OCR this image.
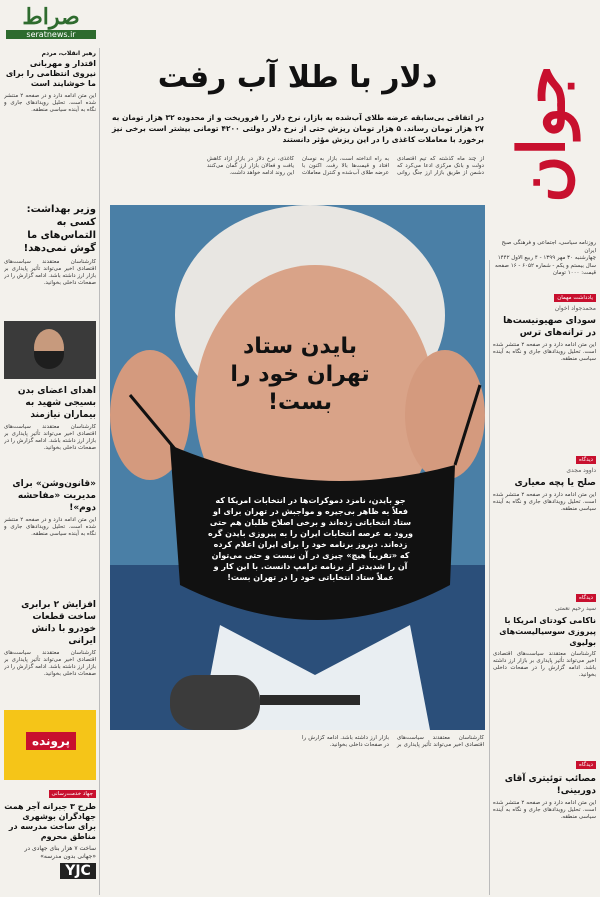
صراط
seratnews.ir
جوان
روزنامه سیاسی، اجتماعی و فرهنگی صبح ایران
چهارشنبه ۳۰ مهر ۱۳۹۹ - ۴ ربیع الاول ۱۴۴۲
سال بیستم و یکم - شماره ۶۰۵۲ - ۱۶ صفحه
قیمت: ۱۰۰۰ تومان
دلار با طلا آب رفت
در اتفاقی بی‌سابقه عرضه طلای آب‌شده به بازار، نرخ دلار را فروریخت و از محدوده ۳۲ هزار تومان به ۲۷ هزار تومان رساند. ۵ هزار تومان ریزش حتی از نرخ دلار دولتی ۴۲۰۰ تومانی بیشتر است برخی نیز برخورد با معاملات کاغذی را در این ریزش مؤثر دانستند
از چند ماه گذشته که تیم اقتصادی دولت و بانک مرکزی ادعا می‌کرد که دشمن از طریق بازار ارز جنگ روانی به راه انداخته است، بازار به نوسان افتاد و قیمت‌ها بالا رفت. اکنون با عرضه طلای آب‌شده و کنترل معاملات کاغذی، نرخ دلار در بازار آزاد کاهش یافت و فعالان بازار ارز گمان می‌کنند این روند ادامه خواهد داشت.
بایدن ستاد تهران خود را بست!
جو بایدن، نامزد دموکرات‌ها در انتخابات امریکا که فعلاً به ظاهر بی‌جیره و مواجبش در تهران برای او ستاد انتخاباتی زده‌اند و برخی اصلاح طلبان هم حتی ورود به عرصه انتخابات ایران را به پیروزی بایدن گره زده‌اند. دیروز برنامه خود را برای ایران اعلام کرده که «تقریباً هیچ» چیزی در آن نیست و حتی می‌توان آن را شدیدتر از برنامه ترامپ دانست. با این کار و عملاً ستاد انتخاباتی خود را در تهران بست!
کارشناسان معتقدند سیاست‌های اقتصادی اخیر می‌تواند تأثیر پایداری بر بازار ارز داشته باشد. ادامه گزارش را در صفحات داخلی بخوانید.
رهبر انقلاب، مردم
اقتدار و مهربانی نیروی انتظامی را برای ما خوشایند است
این متن ادامه دارد و در صفحه ۲ منتشر شده است. تحلیل رویدادهای جاری و نگاه به آینده سیاسی منطقه.
وزیر بهداشت: کسی به التماس‌های ما گوش نمی‌دهد!
کارشناسان معتقدند سیاست‌های اقتصادی اخیر می‌تواند تأثیر پایداری بر بازار ارز داشته باشد. ادامه گزارش را در صفحات داخلی بخوانید.
اهدای اعضای بدن بسیجی شهید به بیماران نیازمند
کارشناسان معتقدند سیاست‌های اقتصادی اخیر می‌تواند تأثیر پایداری بر بازار ارز داشته باشد. ادامه گزارش را در صفحات داخلی بخوانید.
«قانون‌وشن» برای مدیریت «مفاحشه دوم»!
این متن ادامه دارد و در صفحه ۲ منتشر شده است. تحلیل رویدادهای جاری و نگاه به آینده سیاسی منطقه.
افزایش ۲ برابری ساخت قطعات خودرو با دانش ایرانی
کارشناسان معتقدند سیاست‌های اقتصادی اخیر می‌تواند تأثیر پایداری بر بازار ارز داشته باشد. ادامه گزارش را در صفحات داخلی بخوانید.
پرونده
جهاد خدمت‌رسانی
طرح ۳ جبرانه آجر همت جهادگران بوشهری برای ساخت مدرسه در مناطق محروم
ساخت ۷ هزار بنای جهادی در «جهانی بدون مدرسه»
YJC
یادداشت مهمان
محمدجواد اخوان
سودای صهیونیست‌ها در ترانه‌های ترس
این متن ادامه دارد و در صفحه ۲ منتشر شده است. تحلیل رویدادهای جاری و نگاه به آینده سیاسی منطقه.
دیدگاه
داوود مجدی
صلح یا پچه معیاری
این متن ادامه دارد و در صفحه ۲ منتشر شده است. تحلیل رویدادهای جاری و نگاه به آینده سیاسی منطقه.
دیدگاه
سید رحیم نعمتی
ناکامی کودتای امریکا با پیروزی سوسیالیست‌های بولیوی
کارشناسان معتقدند سیاست‌های اقتصادی اخیر می‌تواند تأثیر پایداری بر بازار ارز داشته باشد. ادامه گزارش را در صفحات داخلی بخوانید.
دیدگاه
مصائب توئیتری آقای دوربینی!
این متن ادامه دارد و در صفحه ۲ منتشر شده است. تحلیل رویدادهای جاری و نگاه به آینده سیاسی منطقه.
